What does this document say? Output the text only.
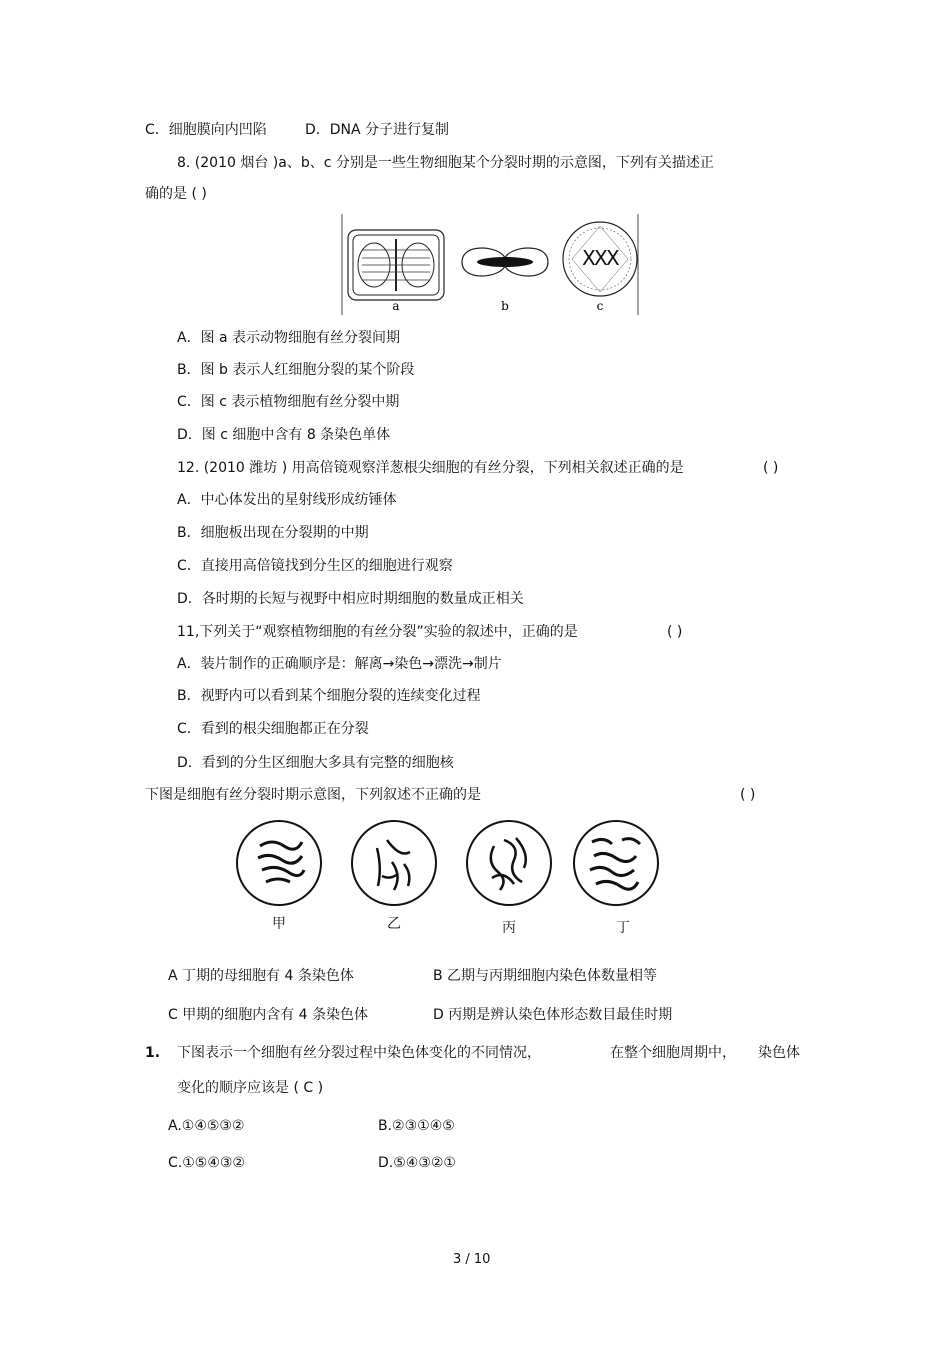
C．细胞膜向内凹陷	D．DNA 分子进行复制
8. (2010 烟台 )a、b、c 分别是一些生物细胞某个分裂时期的示意图，下列有关描述正
确的是 ( )
X
X
X
a	b	c
A．图 a 表示动物细胞有丝分裂间期
B．图 b 表示人红细胞分裂的某个阶段
C．图 c 表示植物细胞有丝分裂中期
D．图 c 细胞中含有 8 条染色单体
12. (2010 潍坊 ) 用高倍镜观察洋葱根尖细胞的有丝分裂，下列相关叙述正确的是	( )
A．中心体发出的星射线形成纺锤体
B．细胞板出现在分裂期的中期
C．直接用高倍镜找到分生区的细胞进行观察
D．各时期的长短与视野中相应时期细胞的数量成正相关
11,下列关于“观察植物细胞的有丝分裂”实验的叙述中，正确的是	( )
A．装片制作的正确顺序是：解离→染色→漂洗→制片
B．视野内可以看到某个细胞分裂的连续变化过程
C．看到的根尖细胞都正在分裂
D．看到的分生区细胞大多具有完整的细胞核
下图是细胞有丝分裂时期示意图，下列叙述不正确的是	( )
甲	乙	丙	丁
A 丁期的母细胞有 4 条染色体	B 乙期与丙期细胞内染色体数量相等
C 甲期的细胞内含有 4 条染色体	D 丙期是辨认染色体形态数目最佳时期
1. 下图表示一个细胞有丝分裂过程中染色体变化的不同情况，	在整个细胞周期中， 染色体
变化的顺序应该是 ( C )
A.①④⑤③②	B.②③①④⑤
C.①⑤④③②	D.⑤④③②①
3 / 10
